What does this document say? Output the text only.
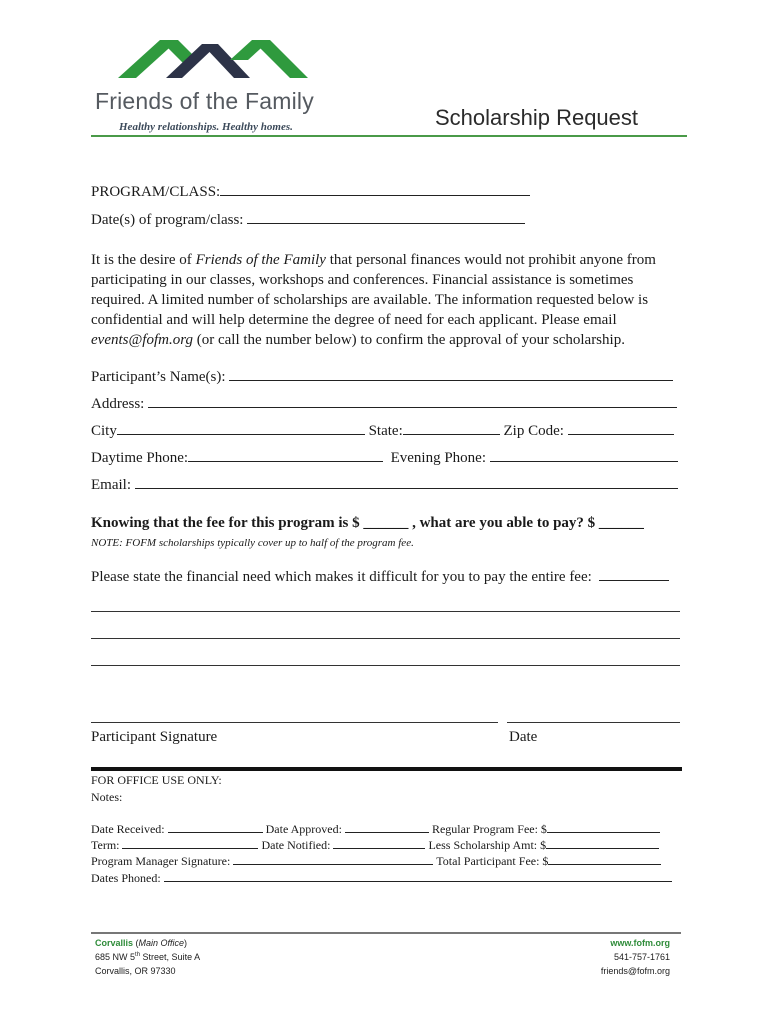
Friends of the Family
Healthy relationships. Healthy homes.	Scholarship Request
PROGRAM/CLASS:
Date(s) of program/class:
It is the desire of Friends of the Family that personal finances would not prohibit anyone from
participating in our classes, workshops and conferences. Financial assistance is sometimes
required. A limited number of scholarships are available. The information requested below is
confidential and will help determine the degree of need for each applicant. Please email
events@fofm.org (or call the number below) to confirm the approval of your scholarship.
Participant’s Name(s):
Address:
City	State:	Zip Code:
Daytime Phone:	Evening Phone:
Email:
Knowing that the fee for this program is $ ______ , what are you able to pay? $ ______
NOTE: FOFM scholarships typically cover up to half of the program fee.
Please state the financial need which makes it difficult for you to pay the entire fee:
Participant Signature	Date
FOR OFFICE USE ONLY:
Notes:
Date Received:	Date Approved:	Regular Program Fee: $
Term:	Date Notified:	Less Scholarship Amt: $
Program Manager Signature:	Total Participant Fee: $
Dates Phoned:
Corvallis (Main Office)
685 NW 5th Street, Suite A
Corvallis, OR 97330
www.fofm.org
541-757-1761
friends@fofm.org
